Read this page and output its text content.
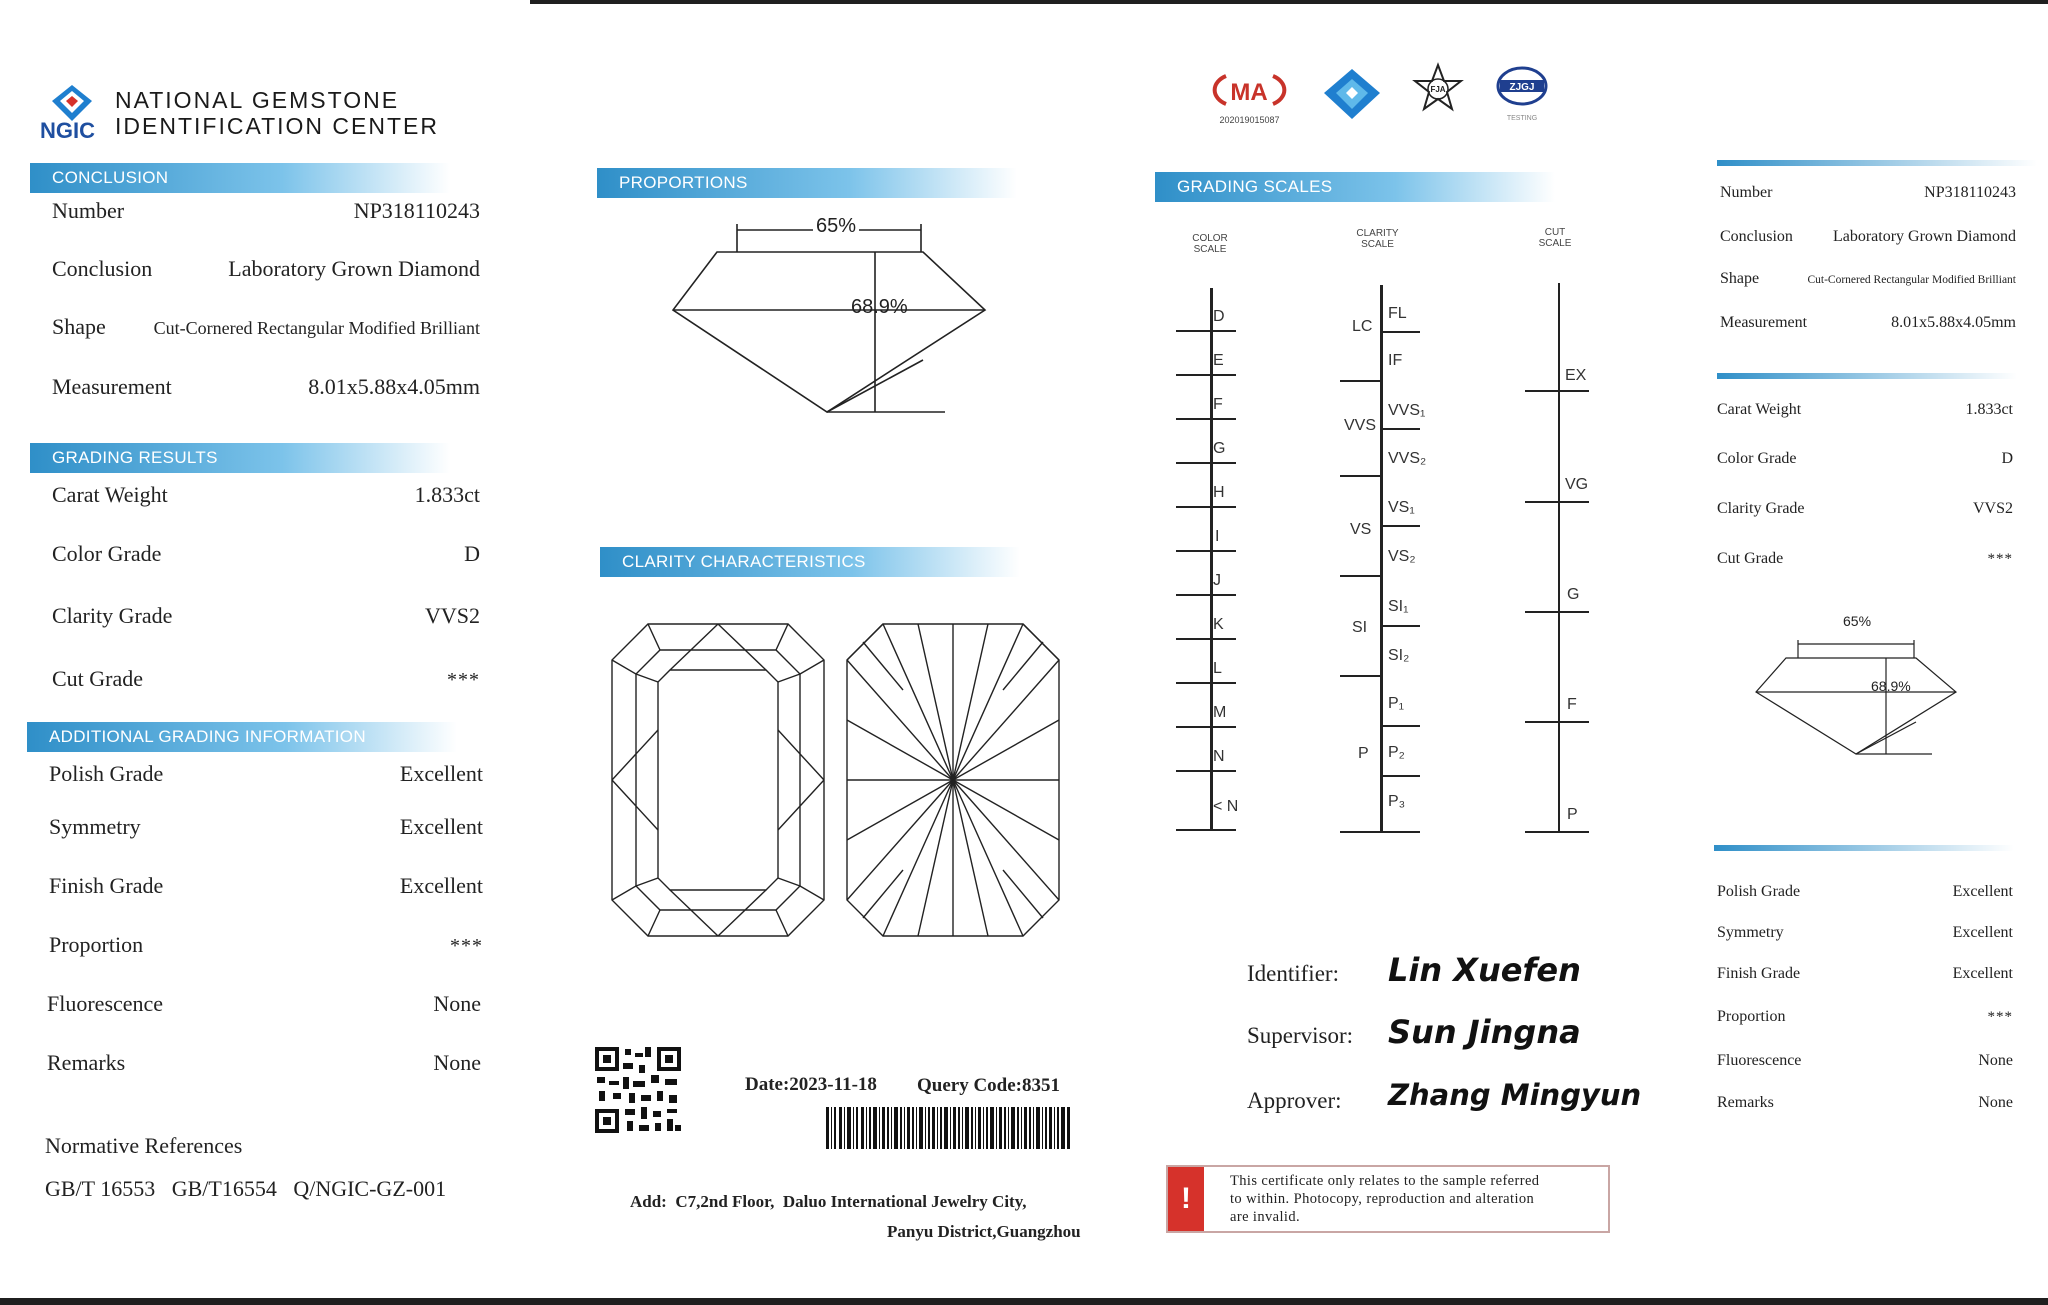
NGIC
NATIONAL GEMSTONE
IDENTIFICATION CENTER
CONCLUSION
Number	NP318110243
Conclusion	Laboratory Grown Diamond
Shape	Cut-Cornered Rectangular Modified Brilliant
Measurement	8.01x5.88x4.05mm
GRADING RESULTS
Carat Weight	1.833ct
Color Grade	D
Clarity Grade	VVS2
Cut Grade	***
ADDITIONAL GRADING INFORMATION
Polish Grade	Excellent
Symmetry	Excellent
Finish Grade	Excellent
Proportion	***
Fluorescence	None
Remarks	None
Normative References
GB/T 16553   GB/T16554   Q/NGIC-GZ-001
PROPORTIONS
65%
68.9%
CLARITY CHARACTERISTICS
Date:2023-11-18 Query Code:8351
Add:  C7,2nd Floor,  Daluo International Jewelry City,
Panyu District,Guangzhou
MA
202019015087
FJA	ZJGJ
TESTING
GRADING SCALES
COLOR
SCALE
CLARITY
SCALE
CUT
SCALE
D
E
F
G
H
I
J
K
L
M
N
< N
LC
VVS
VS
SI
P
FL
IF
VVS₁
VVS₂
VS₁
VS₂
SI₁
SI₂
P₁
P₂
P₃
EX
VG
G
F
P
Identifier: Lin Xuefen
Supervisor: Sun Jingna
Approver: Zhang Mingyun
!
This certificate only relates to the sample referred
to within. Photocopy, reproduction and alteration
are invalid.
Number	NP318110243
Conclusion	Laboratory Grown Diamond
Shape	Cut-Cornered Rectangular Modified Brilliant
Measurement	8.01x5.88x4.05mm
Carat Weight	1.833ct
Color Grade	D
Clarity Grade	VVS2
Cut Grade	***
65%
68.9%
Polish Grade	Excellent
Symmetry	Excellent
Finish Grade	Excellent
Proportion	***
Fluorescence	None
Remarks	None
